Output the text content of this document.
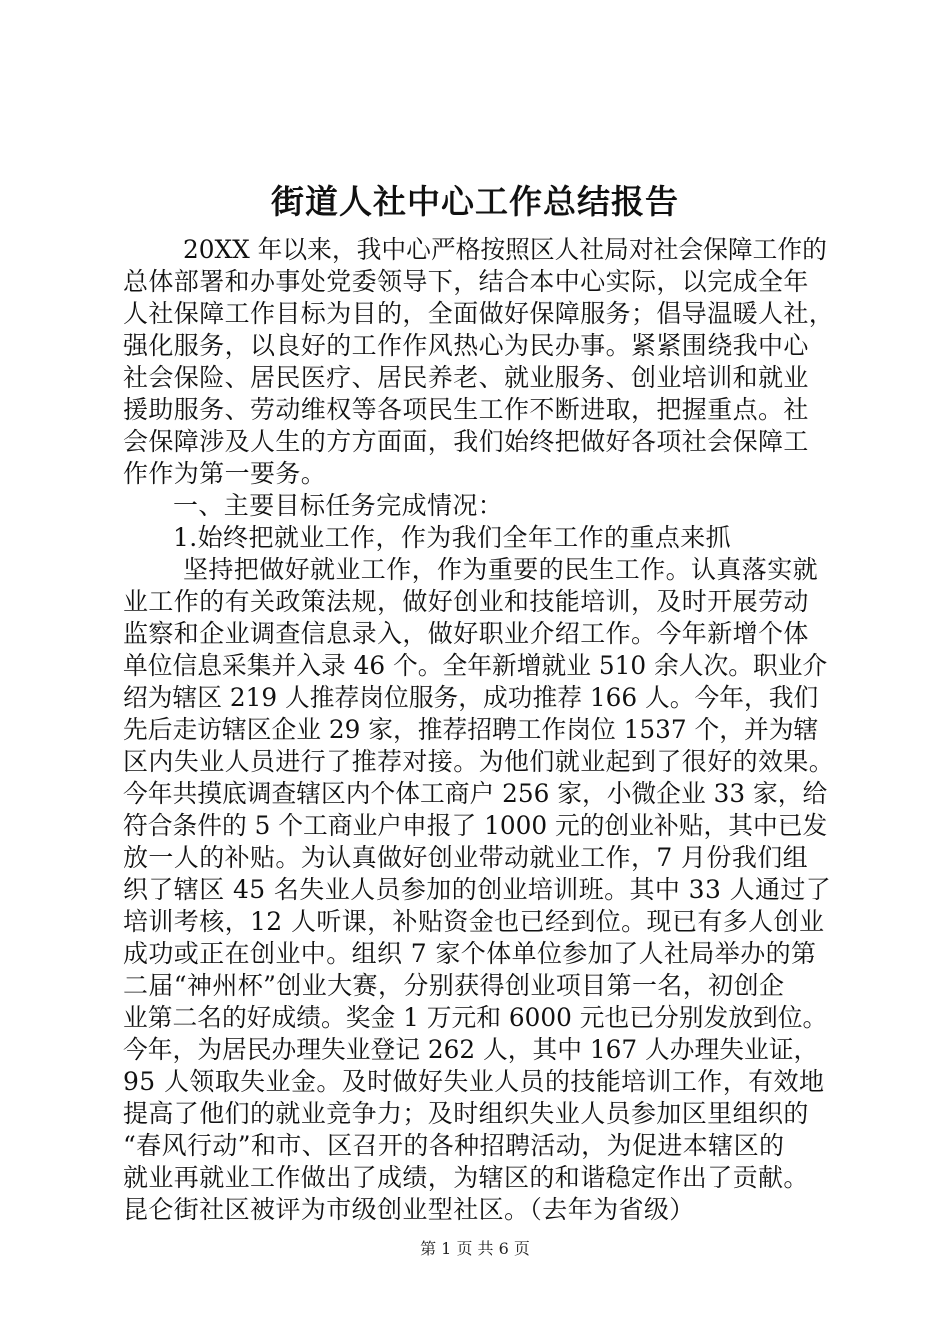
街道人社中心工作总结报告
20XX 年以来，我中心严格按照区人社局对社会保障工作的
总体部署和办事处党委领导下，结合本中心实际，以完成全年
人社保障工作目标为目的，全面做好保障服务；倡导温暖人社，
强化服务，以良好的工作作风热心为民办事。紧紧围绕我中心
社会保险、居民医疗、居民养老、就业服务、创业培训和就业
援助服务、劳动维权等各项民生工作不断进取，把握重点。社
会保障涉及人生的方方面面，我们始终把做好各项社会保障工
作作为第一要务。
一、主要目标任务完成情况：
1.始终把就业工作，作为我们全年工作的重点来抓
坚持把做好就业工作，作为重要的民生工作。认真落实就
业工作的有关政策法规，做好创业和技能培训，及时开展劳动
监察和企业调查信息录入，做好职业介绍工作。今年新增个体
单位信息采集并入录 46 个。全年新增就业 510 余人次。职业介
绍为辖区 219 人推荐岗位服务，成功推荐 166 人。今年，我们
先后走访辖区企业 29 家，推荐招聘工作岗位 1537 个，并为辖
区内失业人员进行了推荐对接。为他们就业起到了很好的效果。
今年共摸底调查辖区内个体工商户 256 家，小微企业 33 家，给
符合条件的 5 个工商业户申报了 1000 元的创业补贴，其中已发
放一人的补贴。为认真做好创业带动就业工作，7 月份我们组
织了辖区 45 名失业人员参加的创业培训班。其中 33 人通过了
培训考核，12 人听课，补贴资金也已经到位。现已有多人创业
成功或正在创业中。组织 7 家个体单位参加了人社局举办的第
二届“神州杯”创业大赛，分别获得创业项目第一名，初创企
业第二名的好成绩。奖金 1 万元和 6000 元也已分别发放到位。
今年，为居民办理失业登记 262 人，其中 167 人办理失业证，
95 人领取失业金。及时做好失业人员的技能培训工作，有效地
提高了他们的就业竞争力；及时组织失业人员参加区里组织的
“春风行动”和市、区召开的各种招聘活动，为促进本辖区的
就业再就业工作做出了成绩，为辖区的和谐稳定作出了贡献。
昆仑街社区被评为市级创业型社区。（去年为省级）
第 1 页 共 6 页
